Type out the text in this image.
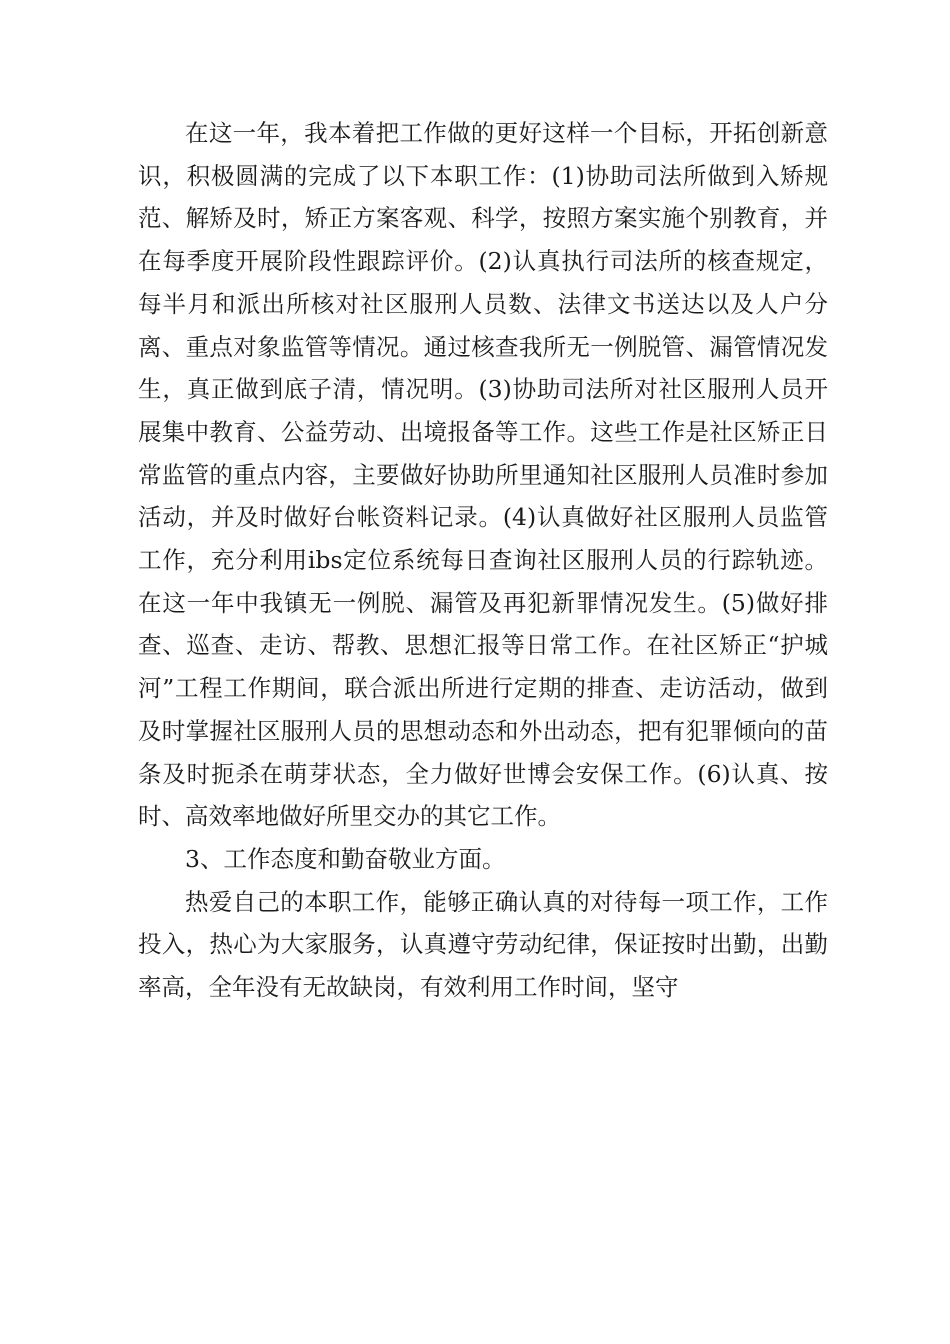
在这一年，我本着把工作做的更好这样一个目标，开拓创新意识，积极圆满的完成了以下本职工作：(1)协助司法所做到入矫规范、解矫及时，矫正方案客观、科学，按照方案实施个别教育，并在每季度开展阶段性跟踪评价。(2)认真执行司法所的核查规定，每半月和派出所核对社区服刑人员数、法律文书送达以及人户分离、重点对象监管等情况。通过核查我所无一例脱管、漏管情况发生，真正做到底子清，情况明。(3)协助司法所对社区服刑人员开展集中教育、公益劳动、出境报备等工作。这些工作是社区矫正日常监管的重点内容，主要做好协助所里通知社区服刑人员准时参加活动，并及时做好台帐资料记录。(4)认真做好社区服刑人员监管工作，充分利用ibs定位系统每日查询社区服刑人员的行踪轨迹。在这一年中我镇无一例脱、漏管及再犯新罪情况发生。(5)做好排查、巡查、走访、帮教、思想汇报等日常工作。在社区矫正“护城河”工程工作期间，联合派出所进行定期的排查、走访活动，做到及时掌握社区服刑人员的思想动态和外出动态，把有犯罪倾向的苗条及时扼杀在萌芽状态，全力做好世博会安保工作。(6)认真、按时、高效率地做好所里交办的其它工作。

3、工作态度和勤奋敬业方面。

热爱自己的本职工作，能够正确认真的对待每一项工作，工作投入，热心为大家服务，认真遵守劳动纪律，保证按时出勤，出勤率高，全年没有无故缺岗，有效利用工作时间，坚守
